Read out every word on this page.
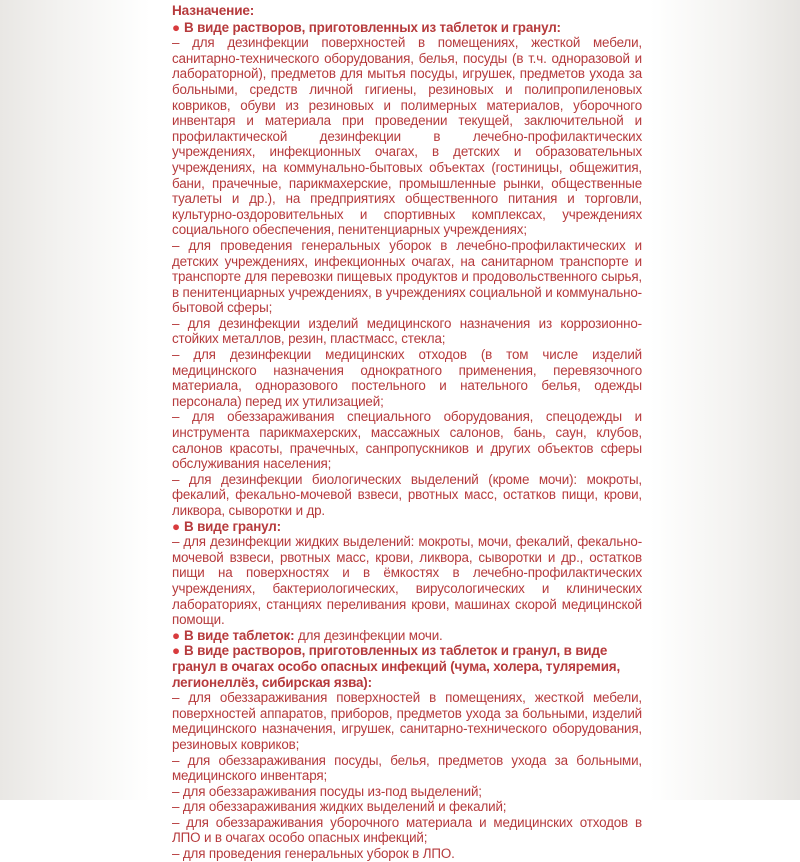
Назначение:
● В виде растворов, приготовленных из таблеток и гранул:
– для дезинфекции поверхностей в помещениях, жесткой мебели, санитарно-технического оборудования, белья, посуды (в т.ч. одноразовой и лабораторной), предметов для мытья посуды, игрушек, предметов ухода за больными, средств личной гигиены, резиновых и полипропиленовых ковриков, обуви из резиновых и полимерных материалов, уборочного инвентаря и материала при проведении текущей, заключительной и профилактической дезинфекции в лечебно-профилактических учреждениях, инфекционных очагах, в детских и образовательных учреждениях, на коммунально-бытовых объектах (гостиницы, общежития, бани, прачечные, парикмахерские, промышленные рынки, общественные туалеты и др.), на предприятиях общественного питания и торговли, культурно-оздоровительных и спортивных комплексах, учреждениях социального обеспечения, пенитенциарных учреждениях;
– для проведения генеральных уборок в лечебно-профилактических и детских учреждениях, инфекционных очагах, на санитарном транспорте и транспорте для перевозки пищевых продуктов и продовольственного сырья, в пенитенциарных учреждениях, в учреждениях социальной и коммунально-бытовой сферы;
– для дезинфекции изделий медицинского назначения из коррозионно-стойких металлов, резин, пластмасс, стекла;
– для дезинфекции медицинских отходов (в том числе изделий медицинского назначения однократного применения, перевязочного материала, одноразового постельного и нательного белья, одежды персонала) перед их утилизацией;
– для обеззараживания специального оборудования, спецодежды и инструмента парикмахерских, массажных салонов, бань, саун, клубов, салонов красоты, прачечных, санпропускников и других объектов сферы обслуживания населения;
– для дезинфекции биологических выделений (кроме мочи): мокроты, фекалий, фекально-мочевой взвеси, рвотных масс, остатков пищи, крови, ликвора, сыворотки и др.
● В виде гранул:
– для дезинфекции жидких выделений: мокроты, мочи, фекалий, фекально-мочевой взвеси, рвотных масс, крови, ликвора, сыворотки и др., остатков пищи на поверхностях и в ёмкостях в лечебно-профилактических учреждениях, бактериологических, вирусологических и клинических лабораториях, станциях переливания крови, машинах скорой медицинской помощи.
● В виде таблеток: для дезинфекции мочи.
● В виде растворов, приготовленных из таблеток и гранул, в виде гранул в очагах особо опасных инфекций (чума, холера, туляремия, легионеллёз, сибирская язва):
– для обеззараживания поверхностей в помещениях, жесткой мебели, поверхностей аппаратов, приборов, предметов ухода за больными, изделий медицинского назначения, игрушек, санитарно-технического оборудования, резиновых ковриков;
– для обеззараживания посуды, белья, предметов ухода за больными, медицинского инвентаря;
– для обеззараживания посуды из-под выделений;
– для обеззараживания жидких выделений и фекалий;
– для обеззараживания уборочного материала и медицинских отходов в ЛПО и в очагах особо опасных инфекций;
– для проведения генеральных уборок в ЛПО.
